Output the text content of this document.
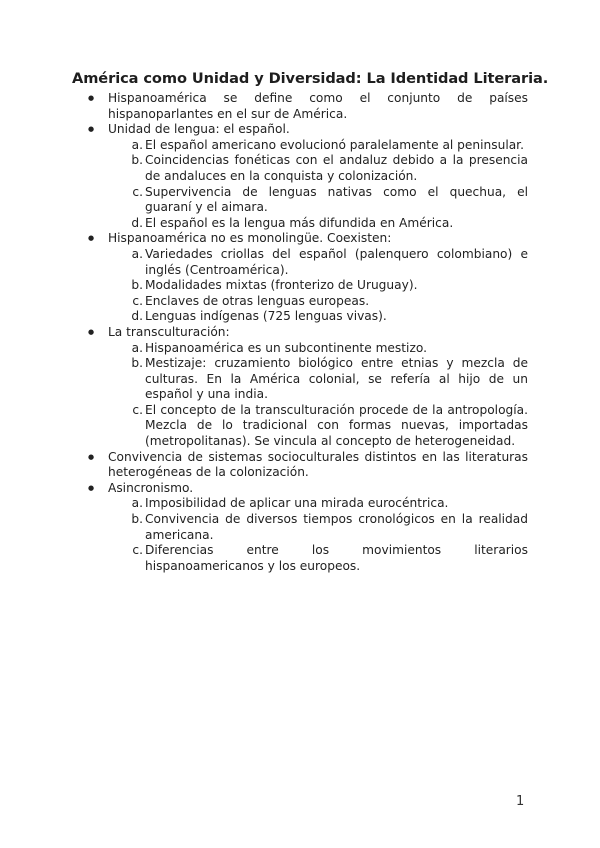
América como Unidad y Diversidad: La Identidad Literaria.
● Hispanoamérica se define como el conjunto de países hispanoparlantes en el sur de América.
● Unidad de lengua: el español.
a. El español americano evolucionó paralelamente al peninsular.
b. Coincidencias fonéticas con el andaluz debido a la presencia de andaluces en la conquista y colonización.
c. Supervivencia de lenguas nativas como el quechua, el guaraní y el aimara.
d. El español es la lengua más difundida en América.
● Hispanoamérica no es monolingüe. Coexisten:
a. Variedades criollas del español (palenquero colombiano) e inglés (Centroamérica).
b. Modalidades mixtas (fronterizo de Uruguay).
c. Enclaves de otras lenguas europeas.
d. Lenguas indígenas (725 lenguas vivas).
● La transculturación:
a. Hispanoamérica es un subcontinente mestizo.
b. Mestizaje: cruzamiento biológico entre etnias y mezcla de culturas. En la América colonial, se refería al hijo de un español y una india.
c. El concepto de la transculturación procede de la antropología. Mezcla de lo tradicional con formas nuevas, importadas (metropolitanas). Se vincula al concepto de heterogeneidad.
● Convivencia de sistemas socioculturales distintos en las literaturas heterogéneas de la colonización.
● Asincronismo.
a. Imposibilidad de aplicar una mirada eurocéntrica.
b. Convivencia de diversos tiempos cronológicos en la realidad americana.
c. Diferencias entre los movimientos literarios hispanoamericanos y los europeos.
1
